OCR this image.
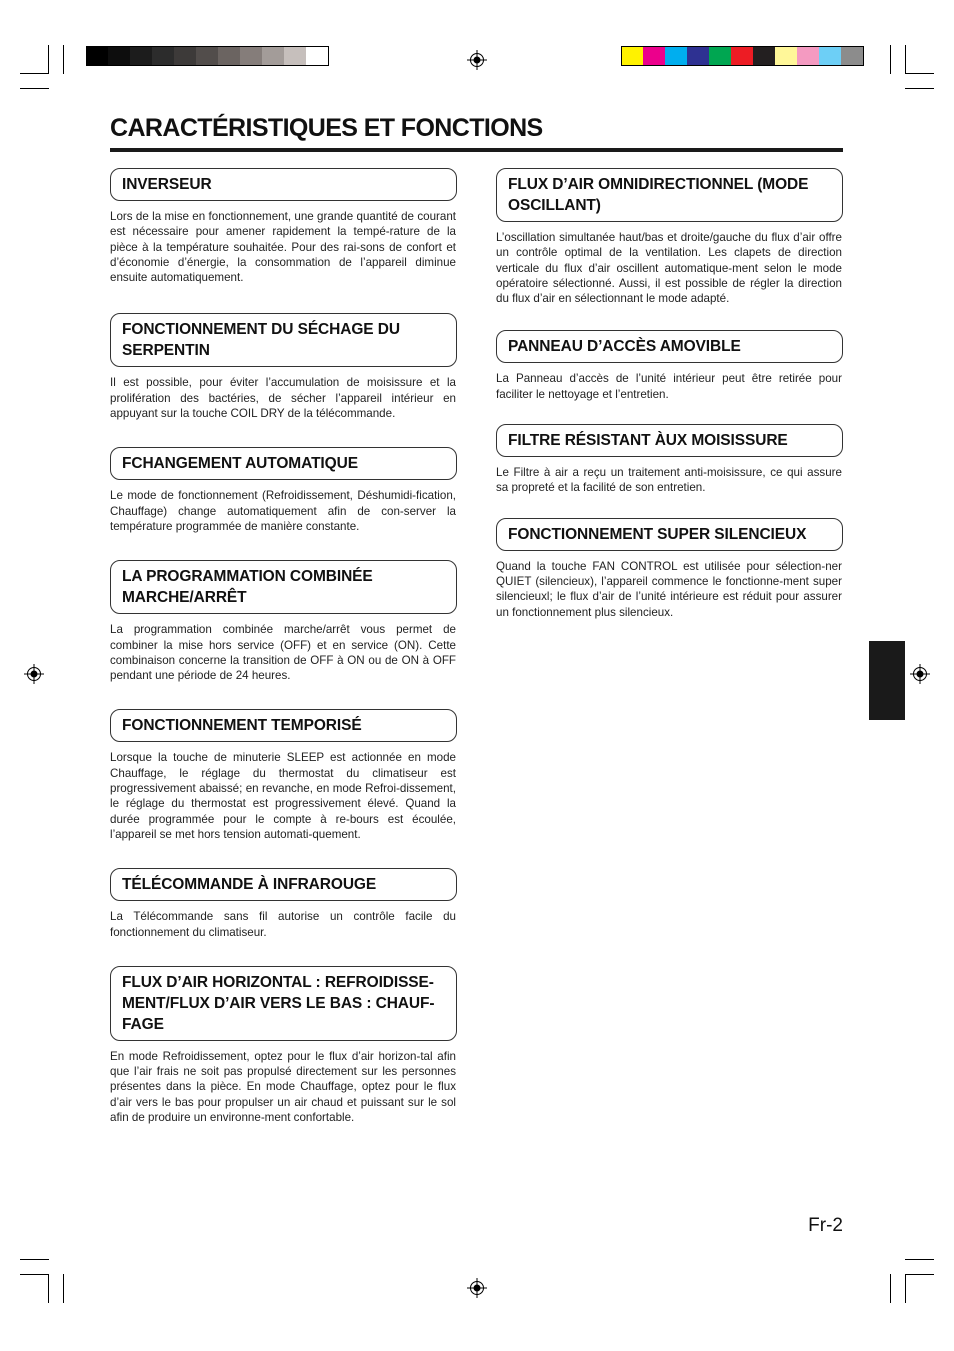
CARACTÉRISTIQUES ET FONCTIONS
INVERSEUR
Lors de la mise en fonctionnement, une grande quantité de courant est nécessaire pour amener rapidement la tempé-rature de la pièce à la température souhaitée. Pour des rai-sons de confort et d’économie d’énergie, la consommation de l’appareil diminue ensuite automatiquement.
FONCTIONNEMENT DU SÉCHAGE DU SERPENTIN
Il est possible, pour éviter l’accumulation de moisissure et la prolifération des bactéries, de sécher l’appareil intérieur en appuyant sur la touche COIL DRY de la télécommande.
FCHANGEMENT AUTOMATIQUE
Le mode de fonctionnement (Refroidissement, Déshumidi-fication, Chauffage) change automatiquement afin de con-server la température programmée de manière constante.
LA PROGRAMMATION COMBINÉE MARCHE/ARRÊT
La programmation combinée marche/arrêt vous permet de combiner la mise hors service (OFF) et en service (ON). Cette combinaison concerne la transition de OFF à ON ou de ON à OFF pendant une période de 24 heures.
FONCTIONNEMENT TEMPORISÉ
Lorsque la touche de minuterie SLEEP est actionnée en mode Chauffage, le réglage du thermostat du climatiseur est progressivement abaissé; en revanche, en mode Refroi-dissement, le réglage du thermostat est progressivement élevé. Quand la durée programmée pour le compte à re-bours est écoulée, l’appareil se met hors tension automati-quement.
TÉLÉCOMMANDE À INFRAROUGE
La Télécommande sans fil autorise un contrôle facile du fonctionnement du climatiseur.
FLUX D’AIR HORIZONTAL : REFROIDISSE-MENT/FLUX D’AIR VERS LE BAS : CHAUF-FAGE
En mode Refroidissement, optez pour le flux d’air horizon-tal afin que l’air frais ne soit pas propulsé directement sur les personnes présentes dans la pièce. En mode Chauffage, optez pour le flux d’air vers le bas pour propulser un air chaud et puissant sur le sol afin de produire un environne-ment confortable.
FLUX D’AIR OMNIDIRECTIONNEL (MODE OSCILLANT)
L’oscillation simultanée haut/bas et droite/gauche du flux d’air offre un contrôle optimal de la ventilation. Les clapets de direction verticale du flux d’air oscillent automatique-ment selon le mode opératoire sélectionné. Aussi, il est possible de régler la direction du flux d’air en sélectionnant le mode adapté.
PANNEAU D’ACCÈS AMOVIBLE
La Panneau d’accès de l’unité intérieur peut être retirée pour faciliter le nettoyage et l’entretien.
FILTRE RÉSISTANT ÀUX MOISISSURE
Le Filtre à air a reçu un traitement anti-moisissure, ce qui assure sa propreté et la facilité de son entretien.
FONCTIONNEMENT SUPER SILENCIEUX
Quand la touche FAN CONTROL est utilisée pour sélection-ner QUIET (silencieux), l’appareil commence le fonctionne-ment super silencieuxl; le flux d’air de l’unité intérieure est réduit pour assurer un fonctionnement plus silencieux.
Fr-2
